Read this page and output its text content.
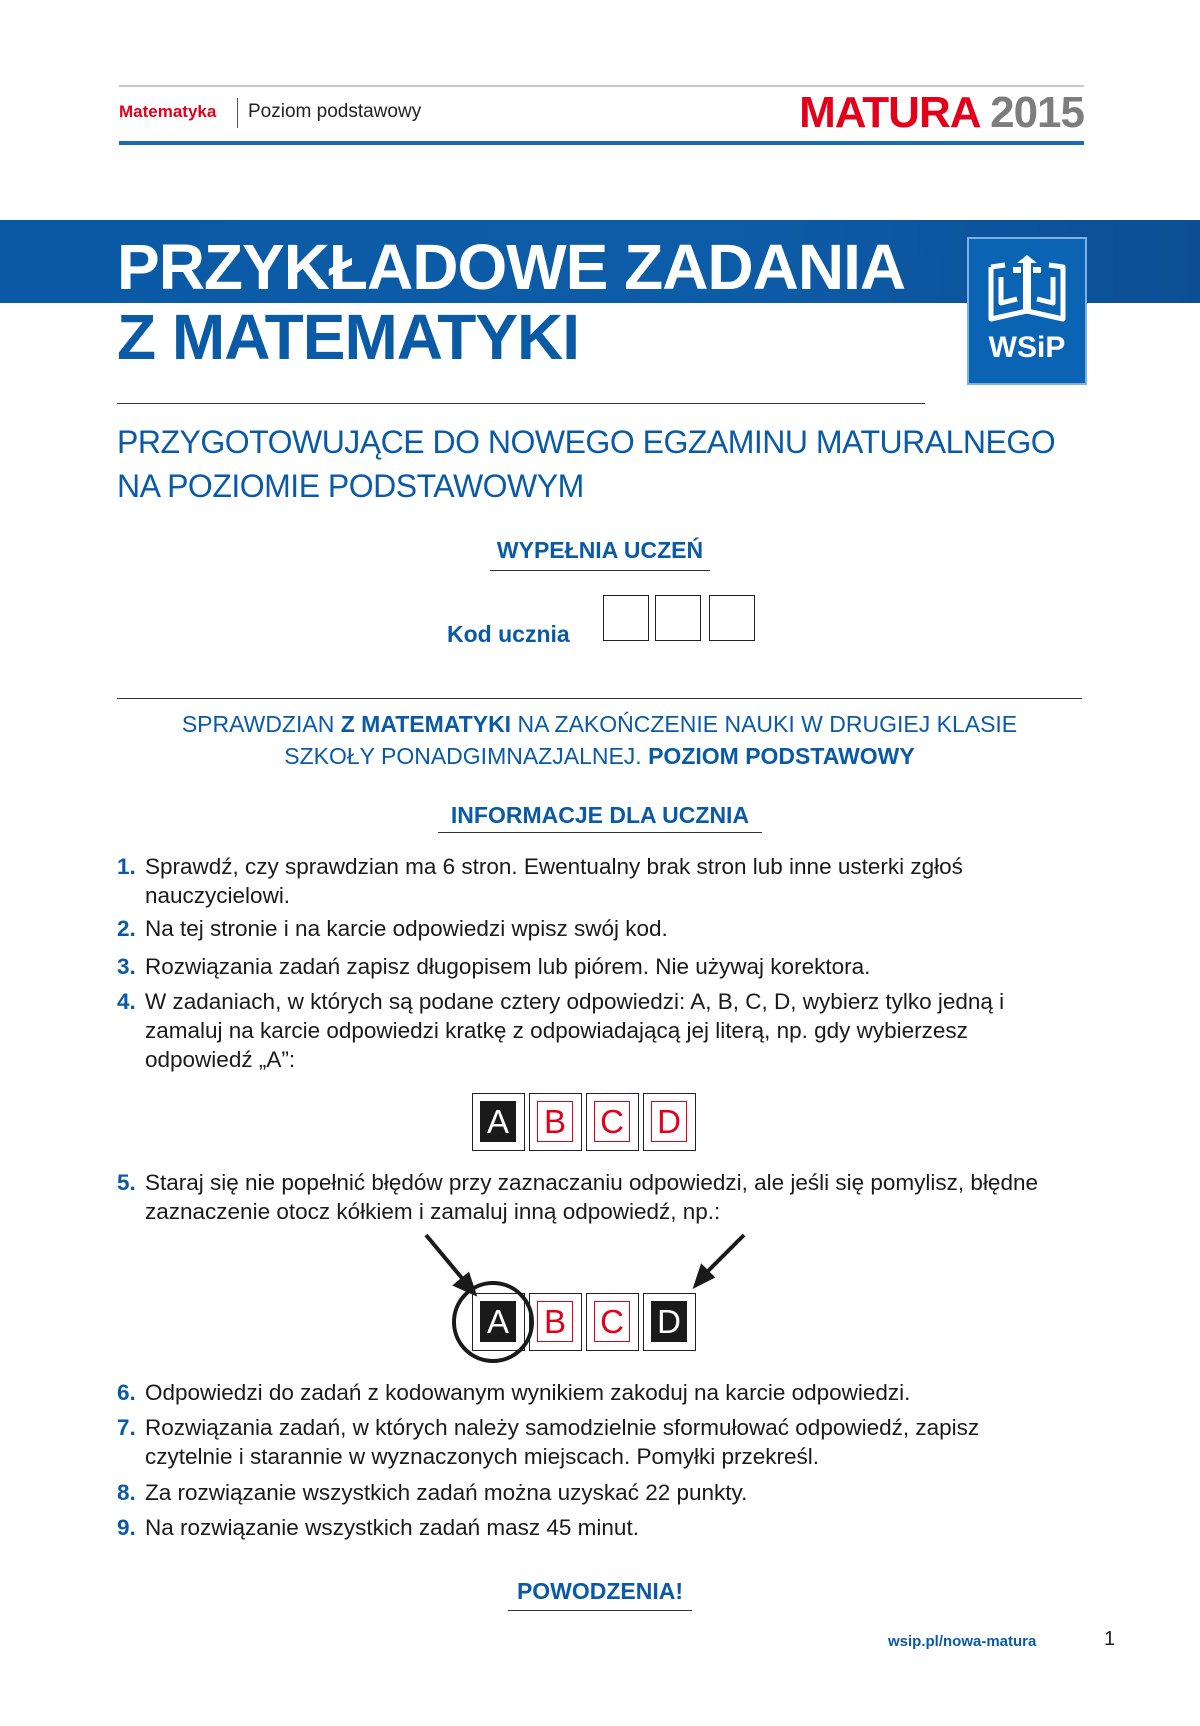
Matematyka Poziom podstawowy	MATURA 2015
PRZYKŁADOWE ZADANIA
Z MATEMATYKI	WSiP
PRZYGOTOWUJĄCE DO NOWEGO EGZAMINU MATURALNEGO
NA POZIOMIE PODSTAWOWYM
WYPEŁNIA UCZEŃ
Kod ucznia
SPRAWDZIAN Z MATEMATYKI NA ZAKOŃCZENIE NAUKI W DRUGIEJ KLASIE
SZKOŁY PONADGIMNAZJALNEJ. POZIOM PODSTAWOWY
INFORMACJE DLA UCZNIA
1. Sprawdź, czy sprawdzian ma 6 stron. Ewentualny brak stron lub inne usterki zgłoś nauczycielowi.
2. Na tej stronie i na karcie odpowiedzi wpisz swój kod.
3. Rozwiązania zadań zapisz długopisem lub piórem. Nie używaj korektora.
4. W zadaniach, w których są podane cztery odpowiedzi: A, B, C, D, wybierz tylko jedną i zamaluj na karcie odpowiedzi kratkę z odpowiadającą jej literą, np. gdy wybierzesz odpowiedź „A”:
A B C D
5. Staraj się nie popełnić błędów przy zaznaczaniu odpowiedzi, ale jeśli się pomylisz, błędne zaznaczenie otocz kółkiem i zamaluj inną odpowiedź, np.:
A B C D
6. Odpowiedzi do zadań z kodowanym wynikiem zakoduj na karcie odpowiedzi.
7. Rozwiązania zadań, w których należy samodzielnie sformułować odpowiedź, zapisz czytelnie i starannie w wyznaczonych miejscach. Pomyłki przekreśl.
8. Za rozwiązanie wszystkich zadań można uzyskać 22 punkty.
9. Na rozwiązanie wszystkich zadań masz 45 minut.
POWODZENIA!
wsip.pl/nowa-matura	1
